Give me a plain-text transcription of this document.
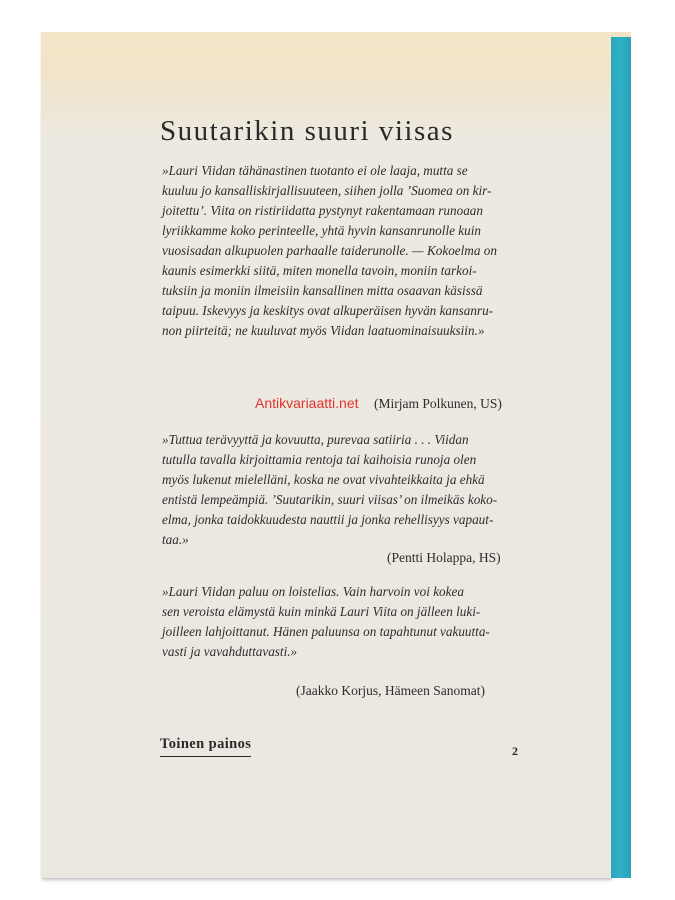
Suutarikin suuri viisas
»Lauri Viidan tähänastinen tuotanto ei ole laaja, mutta se
kuuluu jo kansalliskirjallisuuteen, siihen jolla ’Suomea on kir-
joitettu’. Viita on ristiriidatta pystynyt rakentamaan runoaan
lyriikkamme koko perinteelle, yhtä hyvin kansanrunolle kuin
vuosisadan alkupuolen parhaalle taiderunolle. — Kokoelma on
kaunis esimerkki siitä, miten monella tavoin, moniin tarkoi-
tuksiin ja moniin ilmeisiin kansallinen mitta osaavan käsissä
taipuu. Iskevyys ja keskitys ovat alkuperäisen hyvän kansanru-
non piirteitä; ne kuuluvat myös Viidan laatuominaisuuksiin.»
(Mirjam Polkunen, US)
»Tuttua terävyyttä ja kovuutta, purevaa satiiria . . . Viidan
tutulla tavalla kirjoittamia rentoja tai kaihoisia runoja olen
myös lukenut mielelläni, koska ne ovat vivahteikkaita ja ehkä
entistä lempeämpiä. ’Suutarikin, suuri viisas’ on ilmeikäs koko-
elma, jonka taidokkuudesta nauttii ja jonka rehellisyys vapaut-
taa.»
(Pentti Holappa, HS)
»Lauri Viidan paluu on loistelias. Vain harvoin voi kokea
sen veroista elämystä kuin minkä Lauri Viita on jälleen luki-
joilleen lahjoittanut. Hänen paluunsa on tapahtunut vakuutta-
vasti ja vavahduttavasti.»
(Jaakko Korjus, Hämeen Sanomat)
Antikvariaatti.net
Toinen painos	2
